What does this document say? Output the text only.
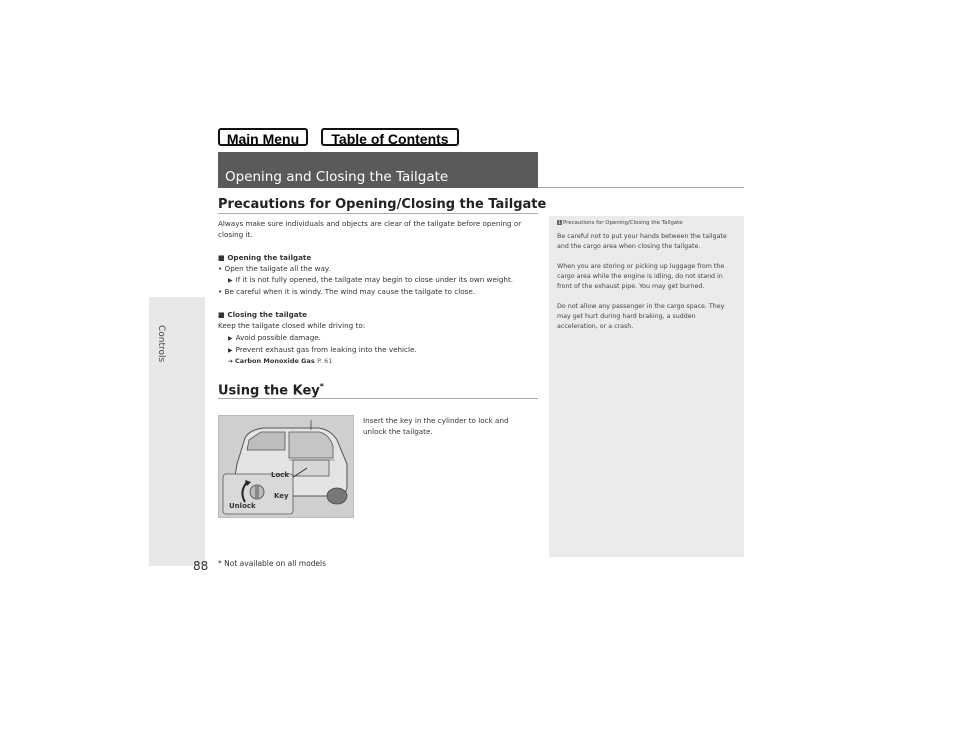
Main Menu	Table of Contents
Controls
88
Opening and Closing the Tailgate
Precautions for Opening/Closing the Tailgate
Always make sure individuals and objects are clear of the tailgate before opening or
closing it.
■ Opening the tailgate
• Open the tailgate all the way.
▶ If it is not fully opened, the tailgate may begin to close under its own weight.
• Be careful when it is windy. The wind may cause the tailgate to close.
■ Closing the tailgate
Keep the tailgate closed while driving to:
▶ Avoid possible damage.
▶ Prevent exhaust gas from leaking into the vehicle.
➔ Carbon Monoxide Gas P. 61
Using the Key*
Insert the key in the cylinder to lock and
unlock the tailgate.
Lock
Key
Unlock
1 Precautions for Opening/Closing the Tailgate
Be careful not to put your hands between the tailgate
and the cargo area when closing the tailgate.
When you are storing or picking up luggage from the
cargo area while the engine is idling, do not stand in
front of the exhaust pipe. You may get burned.
Do not allow any passenger in the cargo space. They
may get hurt during hard braking, a sudden
acceleration, or a crash.
* Not available on all models
